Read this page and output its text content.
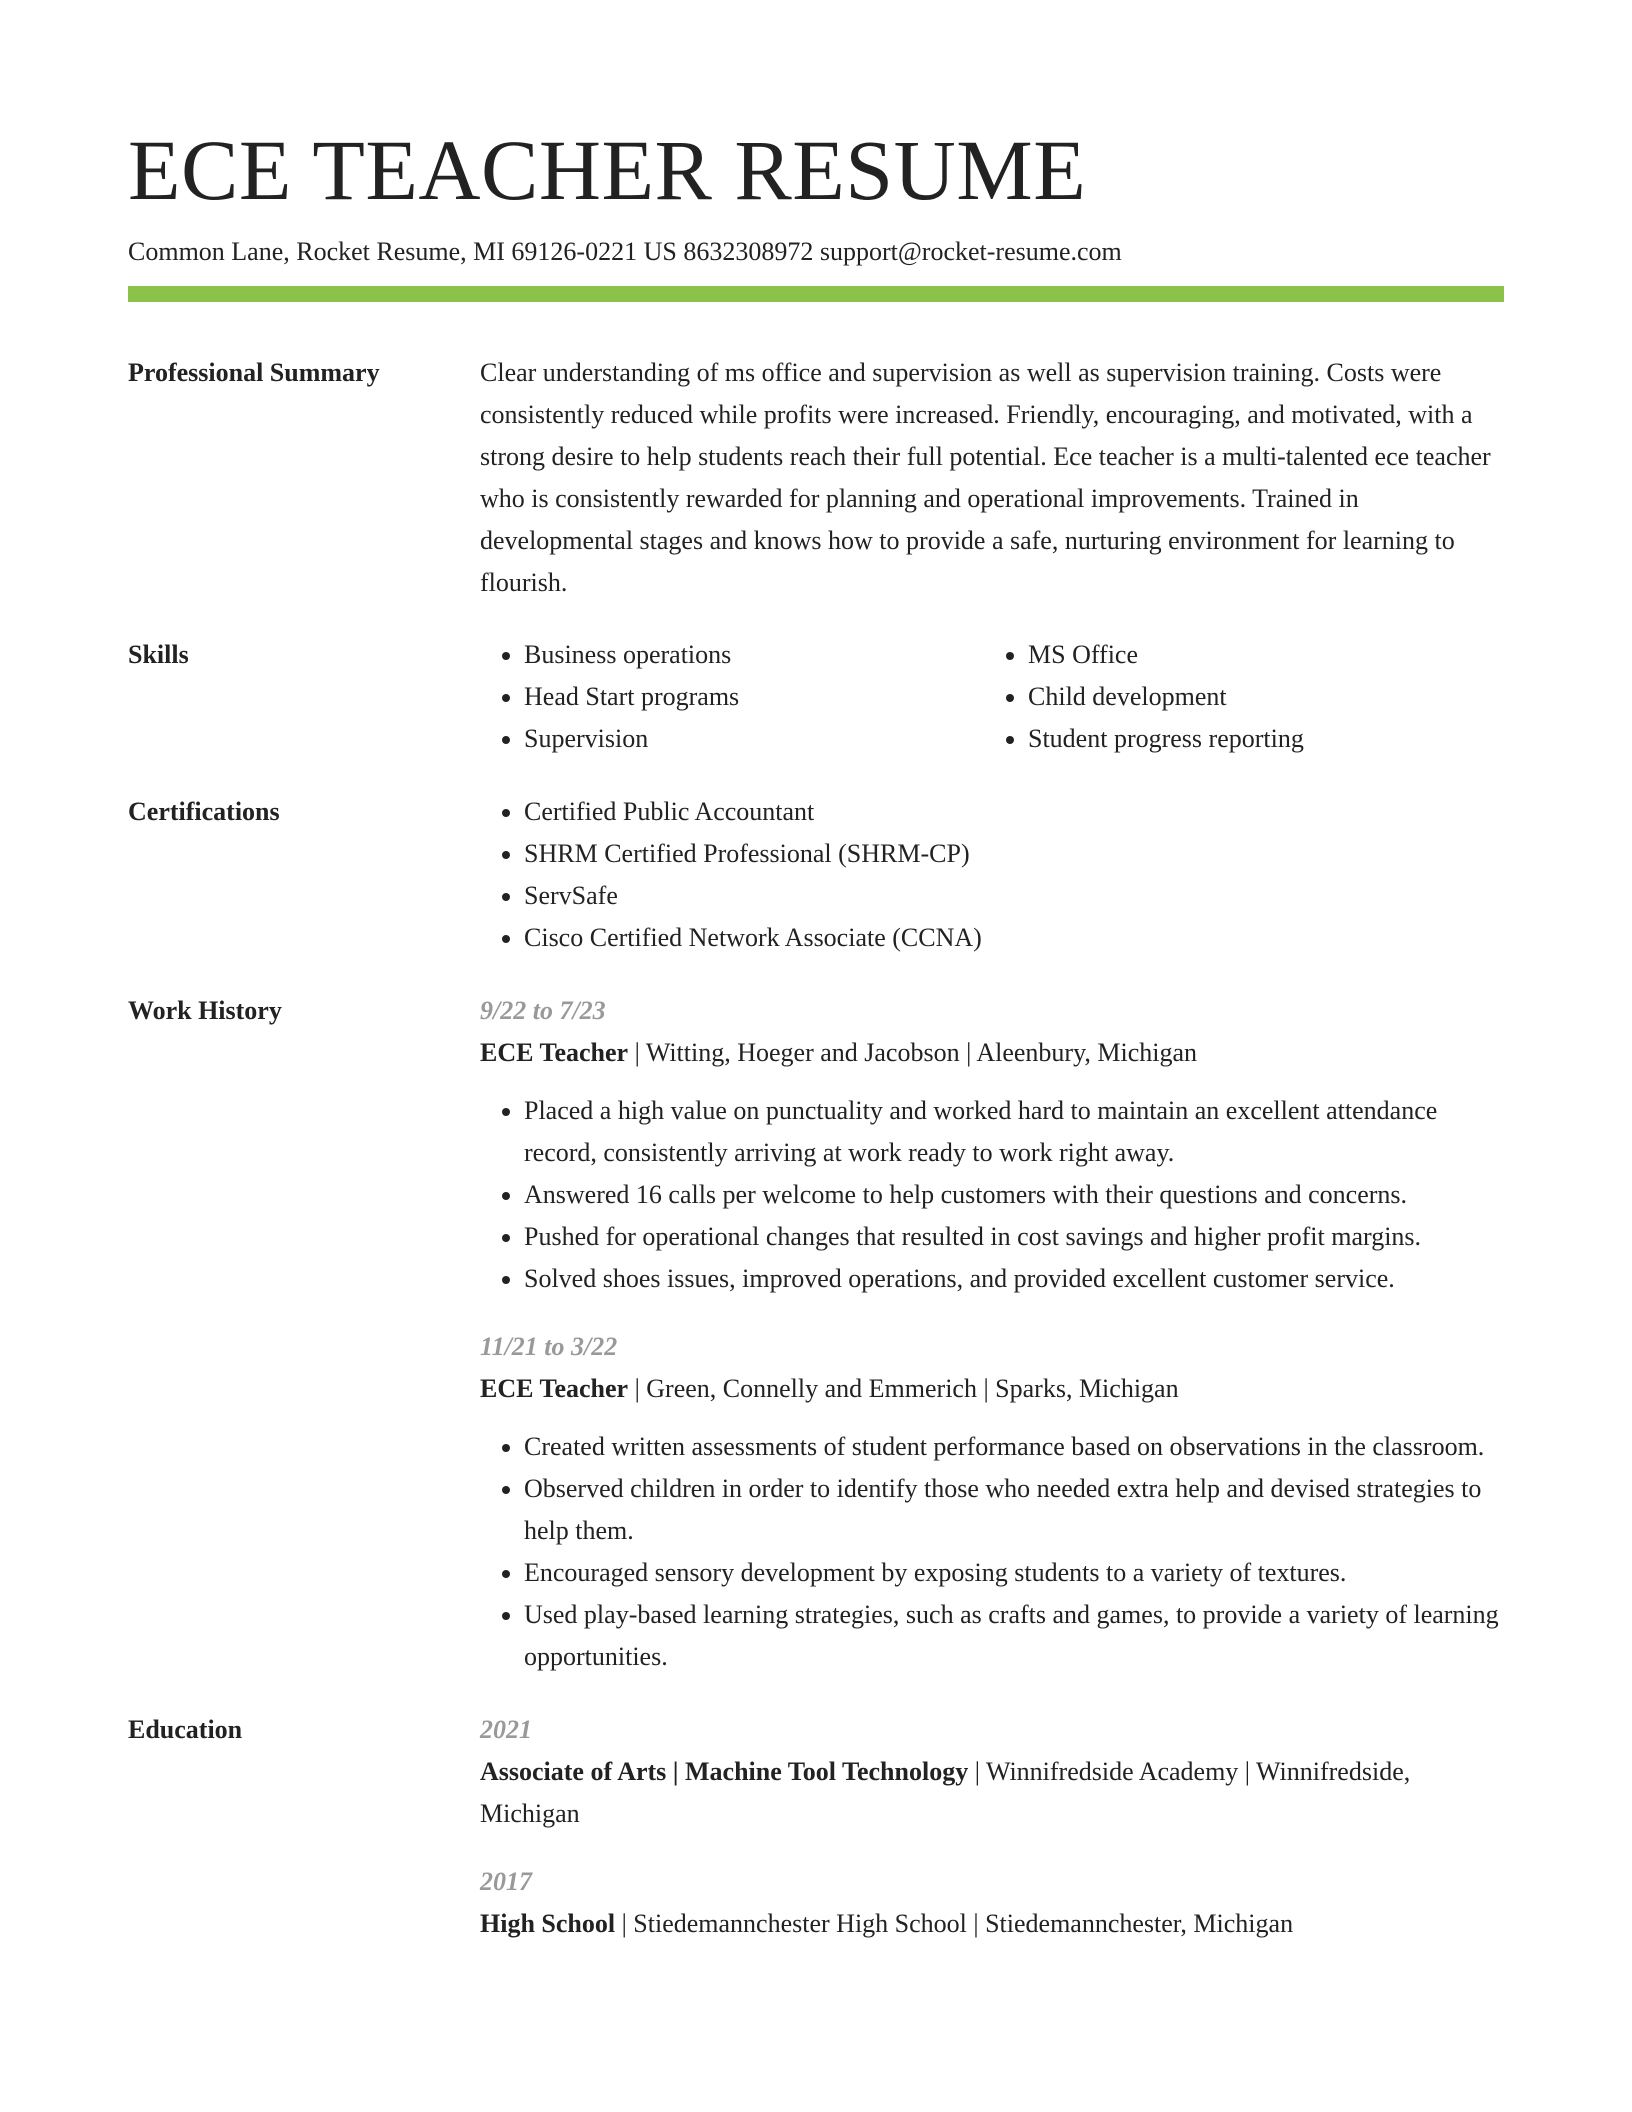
ECE TEACHER RESUME
Common Lane, Rocket Resume, MI 69126-0221 US 8632308972 support@rocket-resume.com
Professional Summary	Clear understanding of ms office and supervision as well as supervision training. Costs were consistently reduced while profits were increased. Friendly, encouraging, and motivated, with a strong desire to help students reach their full potential. Ece teacher is a multi-talented ece teacher who is consistently rewarded for planning and operational improvements. Trained in developmental stages and knows how to provide a safe, nurturing environment for learning to flourish.
Skills	• Business operations	• MS Office
• Head Start programs	• Child development
• Supervision	• Student progress reporting
Certifications	• Certified Public Accountant
• SHRM Certified Professional (SHRM-CP)
• ServSafe
• Cisco Certified Network Associate (CCNA)
Work History	9/22 to 7/23
ECE Teacher | Witting, Hoeger and Jacobson | Aleenbury, Michigan
• Placed a high value on punctuality and worked hard to maintain an excellent attendance record, consistently arriving at work ready to work right away.
• Answered 16 calls per welcome to help customers with their questions and concerns.
• Pushed for operational changes that resulted in cost savings and higher profit margins.
• Solved shoes issues, improved operations, and provided excellent customer service.
11/21 to 3/22
ECE Teacher | Green, Connelly and Emmerich | Sparks, Michigan
• Created written assessments of student performance based on observations in the classroom.
• Observed children in order to identify those who needed extra help and devised strategies to help them.
• Encouraged sensory development by exposing students to a variety of textures.
• Used play-based learning strategies, such as crafts and games, to provide a variety of learning opportunities.
Education	2021
Associate of Arts | Machine Tool Technology | Winnifredside Academy | Winnifredside, Michigan
2017
High School | Stiedemannchester High School | Stiedemannchester, Michigan
